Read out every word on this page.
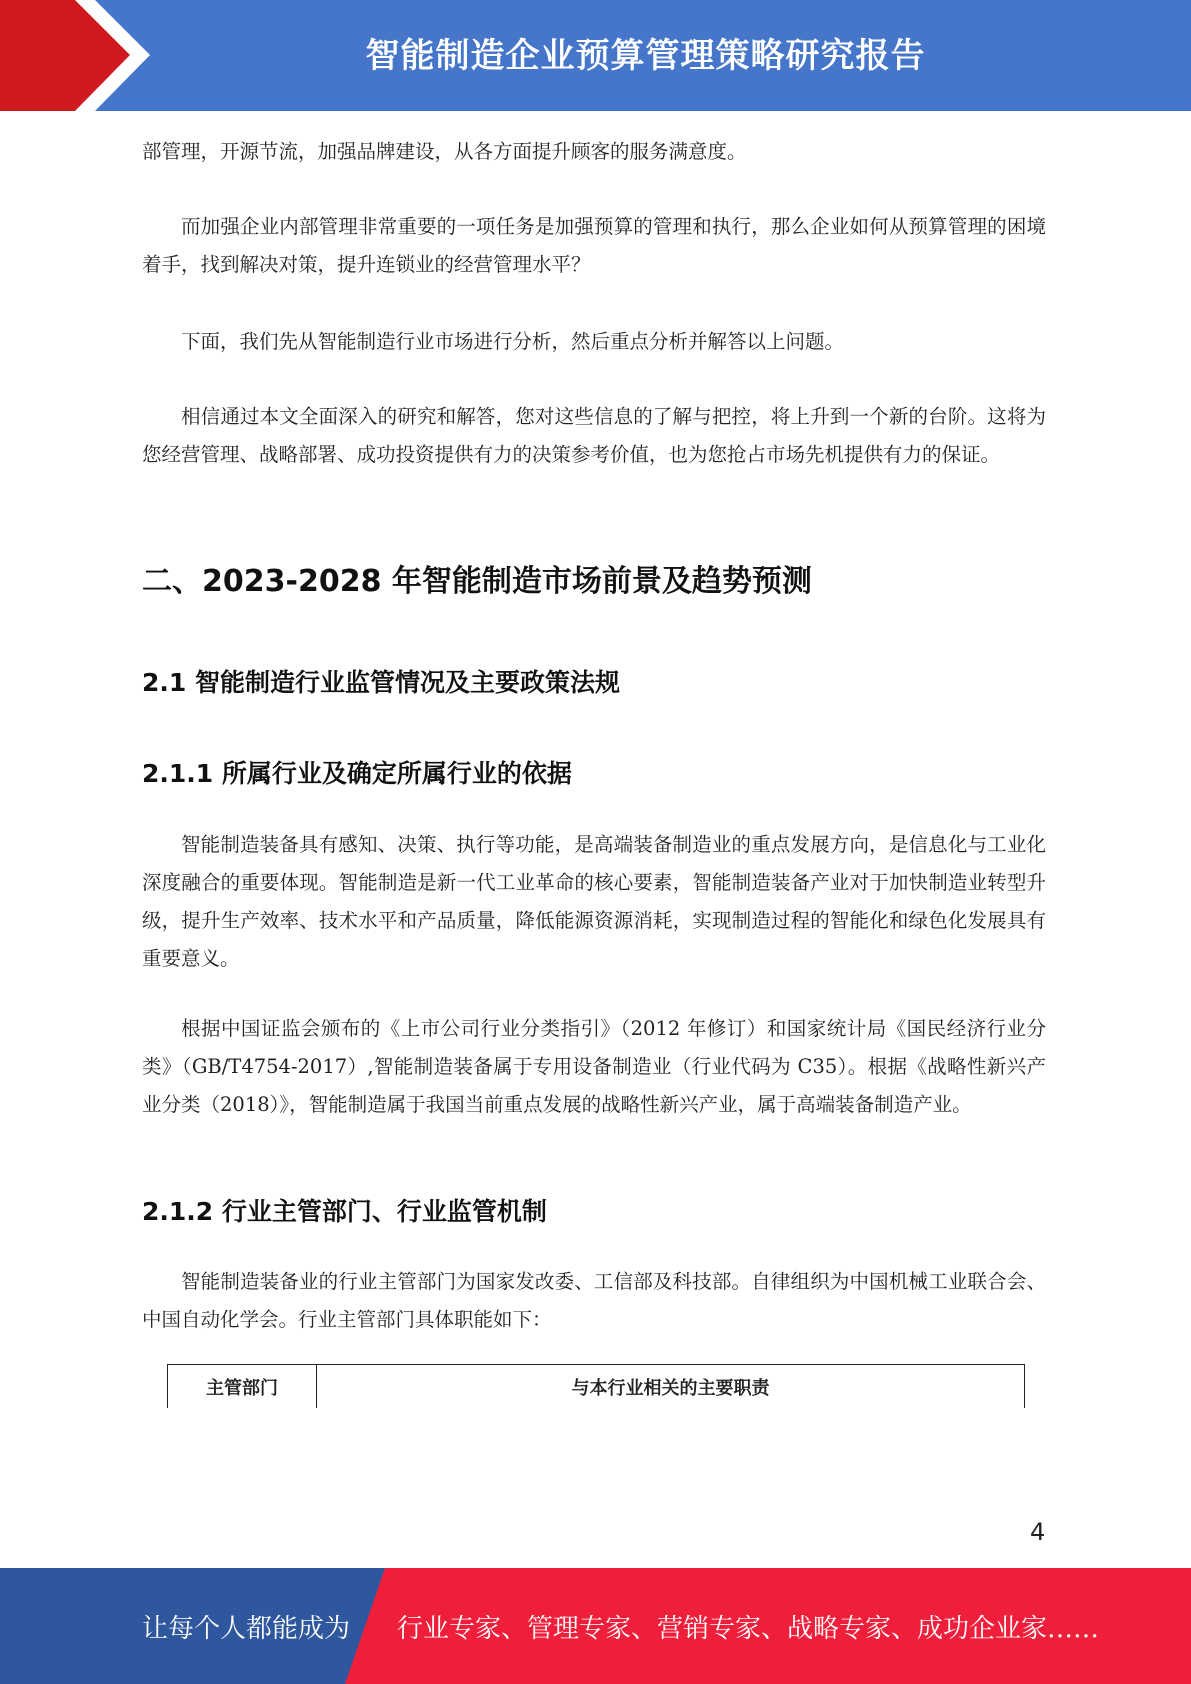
智能制造企业预算管理策略研究报告

部管理，开源节流，加强品牌建设，从各方面提升顾客的服务满意度。

而加强企业内部管理非常重要的一项任务是加强预算的管理和执行，那么企业如何从预算管理的困境着手，找到解决对策，提升连锁业的经营管理水平？

下面，我们先从智能制造行业市场进行分析，然后重点分析并解答以上问题。

相信通过本文全面深入的研究和解答，您对这些信息的了解与把控，将上升到一个新的台阶。这将为您经营管理、战略部署、成功投资提供有力的决策参考价值，也为您抢占市场先机提供有力的保证。

二、2023-2028 年智能制造市场前景及趋势预测
2.1 智能制造行业监管情况及主要政策法规
2.1.1 所属行业及确定所属行业的依据

智能制造装备具有感知、决策、执行等功能，是高端装备制造业的重点发展方向，是信息化与工业化深度融合的重要体现。智能制造是新一代工业革命的核心要素，智能制造装备产业对于加快制造业转型升级，提升生产效率、技术水平和产品质量，降低能源资源消耗，实现制造过程的智能化和绿色化发展具有重要意义。

根据中国证监会颁布的《上市公司行业分类指引》（2012 年修订）和国家统计局《国民经济行业分类》（GB/T4754-2017）,智能制造装备属于专用设备制造业（行业代码为 C35）。根据《战略性新兴产业分类（2018）》，智能制造属于我国当前重点发展的战略性新兴产业，属于高端装备制造产业。

2.1.2 行业主管部门、行业监管机制

智能制造装备业的行业主管部门为国家发改委、工信部及科技部。自律组织为中国机械工业联合会、中国自动化学会。行业主管部门具体职能如下：

主管部门	与本行业相关的主要职责
4
让每个人都能成为 行业专家、管理专家、营销专家、战略专家、成功企业家……
